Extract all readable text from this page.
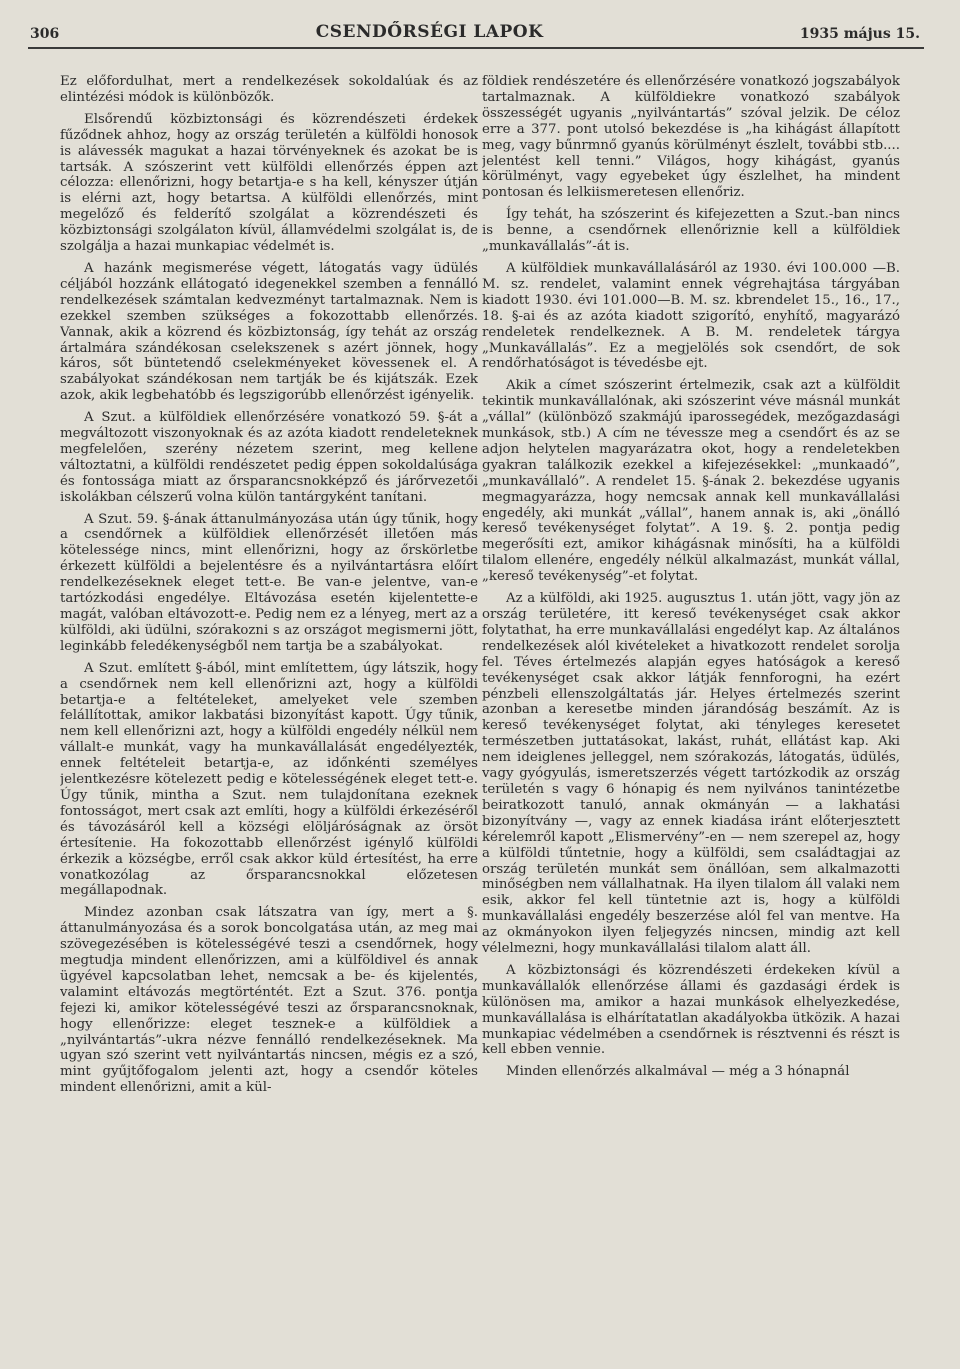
306	CSENDŐRSÉGI LAPOK	1935 május 15.

Ez előfordulhat, mert a rendelkezések sokoldalúak és az elintézési módok is különbözők.

Elsőrendű közbiztonsági és közrendészeti érdekek fűződnek ahhoz, hogy az ország területén a külföldi honosok is alávessék magukat a hazai törvényeknek és azokat be is tartsák. A szószerint vett külföldi ellenőrzés éppen azt célozza: ellenőrizni, hogy betartja-e s ha kell, kényszer útján is elérni azt, hogy betartsa. A külföldi ellenőrzés, mint megelőző és felderítő szolgálat a közrendészeti és közbiztonsági szolgálaton kívül, államvédelmi szolgálat is, de szolgálja a hazai munkapiac védelmét is.

A hazánk megismerése végett, látogatás vagy üdülés céljából hozzánk ellátogató idegenekkel szemben a fennálló rendelkezések számtalan kedvezményt tartalmaznak. Nem is ezekkel szemben szükséges a fokozottabb ellenőrzés. Vannak, akik a közrend és közbiztonság, így tehát az ország ártalmára szándékosan cselekszenek s azért jönnek, hogy káros, sőt büntetendő cselekményeket kövessenek el. A szabályokat szándékosan nem tartják be és kijátszák. Ezek azok, akik legbehatóbb és legszigorúbb ellenőrzést igényelik.

A Szut. a külföldiek ellenőrzésére vonatkozó 59. §-át a megváltozott viszonyoknak és az azóta kiadott rendeleteknek megfelelően, szerény nézetem szerint, meg kellene változtatni, a külföldi rendészetet pedig éppen sokoldalúsága és fontossága miatt az őrsparancsnokképző és járőrvezetői iskolákban célszerű volna külön tantárgyként tanítani.

A Szut. 59. §-ának áttanulmányozása után úgy tűnik, hogy a csendőrnek a külföldiek ellenőrzését illetően más kötelessége nincs, mint ellenőrizni, hogy az őrskörletbe érkezett külföldi a bejelentésre és a nyilvántartásra előírt rendelkezéseknek eleget tett-e. Be van-e jelentve, van-e tartózkodási engedélye. Eltávozása esetén kijelentette-e magát, valóban eltávozott-e. Pedig nem ez a lényeg, mert az a külföldi, aki üdülni, szórakozni s az országot megismerni jött, leginkább feledékenységből nem tartja be a szabályokat.

A Szut. említett §-ából, mint említettem, úgy látszik, hogy a csendőrnek nem kell ellenőrizni azt, hogy a külföldi betartja-e a feltételeket, amelyeket vele szemben felállítottak, amikor lakbatási bizonyítást kapott. Úgy tűnik, nem kell ellenőrizni azt, hogy a külföldi engedély nélkül nem vállalt-e munkát, vagy ha munkavállalását engedélyezték, ennek feltételeit betartja-e, az időnkénti személyes jelentkezésre kötelezett pedig e kötelességének eleget tett-e. Úgy tűnik, mintha a Szut. nem tulajdonítana ezeknek fontosságot, mert csak azt említi, hogy a külföldi érkezéséről és távozásáról kell a községi elöljáróságnak az örsöt értesítenie. Ha fokozottabb ellenőrzést igénylő külföldi érkezik a községbe, erről csak akkor küld értesítést, ha erre vonatkozólag az őrsparancsnokkal előzetesen megállapodnak.

Mindez azonban csak látszatra van így, mert a §. áttanulmányozása és a sorok boncolgatása után, az meg mai szövegezésében is kötelességévé teszi a csendőrnek, hogy megtudja mindent ellenőrizzen, ami a külföldivel és annak ügyével kapcsolatban lehet, nemcsak a be- és kijelentés, valamint eltávozás megtörténtét. Ezt a Szut. 376. pontja fejezi ki, amikor kötelességévé teszi az őrsparancsnoknak, hogy ellenőrizze: eleget tesznek-e a külföldiek a „nyilvántartás”-ukra nézve fennálló rendelkezéseknek. Ma ugyan szó szerint vett nyilvántartás nincsen, mégis ez a szó, mint gyűjtőfogalom jelenti azt, hogy a csendőr köteles mindent ellenőrizni, amit a kül-

földiek rendészetére és ellenőrzésére vonatkozó jogszabályok tartalmaznak. A külföldiekre vonatkozó szabályok összességét ugyanis „nyilvántartás” szóval jelzik. De céloz erre a 377. pont utolsó bekezdése is „ha kihágást állapított meg, vagy bűnrmnő gyanús körülményt észlelt, további stb.... jelentést kell tenni.” Világos, hogy kihágást, gyanús körülményt, vagy egyebeket úgy észlelhet, ha mindent pontosan és lelkiismeretesen ellenőriz.

Így tehát, ha szószerint és kifejezetten a Szut.-ban nincs is benne, a csendőrnek ellenőriznie kell a külföldiek „munkavállalás”-át is.

A külföldiek munkavállalásáról az 1930. évi 100.000 —B. M. sz. rendelet, valamint ennek végrehajtása tárgyában kiadott 1930. évi 101.000—B. M. sz. kbrendelet 15., 16., 17., 18. §-ai és az azóta kiadott szigorító, enyhítő, magyarázó rendeletek rendelkeznek. A B. M. rendeletek tárgya „Munkavállalás”. Ez a megjelölés sok csendőrt, de sok rendőrhatóságot is tévedésbe ejt.

Akik a címet szószerint értelmezik, csak azt a külföldit tekintik munkavállalónak, aki szószerint véve másnál munkát „vállal” (különböző szakmájú iparossegédek, mezőgazdasági munkások, stb.) A cím ne tévessze meg a csendőrt és az se adjon helytelen magyarázatra okot, hogy a rendeletekben gyakran találkozik ezekkel a kifejezésekkel: „munkaadó”, „munkavállaló”. A rendelet 15. §-ának 2. bekezdése ugyanis megmagyarázza, hogy nemcsak annak kell munkavállalási engedély, aki munkát „vállal”, hanem annak is, aki „önálló kereső tevékenységet folytat”. A 19. §. 2. pontja pedig megerősíti ezt, amikor kihágásnak minősíti, ha a külföldi tilalom ellenére, engedély nélkül alkalmazást, munkát vállal, „kereső tevékenység”-et folytat.

Az a külföldi, aki 1925. augusztus 1. után jött, vagy jön az ország területére, itt kereső tevékenységet csak akkor folytathat, ha erre munkavállalási engedélyt kap. Az általános rendelkezések alól kivételeket a hivatkozott rendelet sorolja fel. Téves értelmezés alapján egyes hatóságok a kereső tevékenységet csak akkor látják fennforogni, ha ezért pénzbeli ellenszolgáltatás jár. Helyes értelmezés szerint azonban a keresetbe minden járandóság beszámít. Az is kereső tevékenységet folytat, aki tényleges keresetet természetben juttatásokat, lakást, ruhát, ellátást kap. Aki nem ideiglenes jelleggel, nem szórakozás, látogatás, üdülés, vagy gyógyulás, ismeretszerzés végett tartózkodik az ország területén s vagy 6 hónapig és nem nyilvános tanintézetbe beiratkozott tanuló, annak okmányán — a lakhatási bizonyítvány —, vagy az ennek kiadása iránt előterjesztett kérelemről kapott „Elismervény”-en — nem szerepel az, hogy a külföldi tűntetnie, hogy a külföldi, sem családtagjai az ország területén munkát sem önállóan, sem alkalmazotti minőségben nem vállalhatnak. Ha ilyen tilalom áll valaki nem esik, akkor fel kell tüntetnie azt is, hogy a külföldi munkavállalási engedély beszerzése alól fel van mentve. Ha az okmányokon ilyen feljegyzés nincsen, mindig azt kell vélelmezni, hogy munkavállalási tilalom alatt áll.

A közbiztonsági és közrendészeti érdekeken kívül a munkavállalók ellenőrzése állami és gazdasági érdek is különösen ma, amikor a hazai munkások elhelyezkedése, munkavállalása is elhárítatatlan akadályokba ütközik. A hazai munkapiac védelmében a csendőrnek is résztvenni és részt is kell ebben vennie.

Minden ellenőrzés alkalmával — még a 3 hónapnál
